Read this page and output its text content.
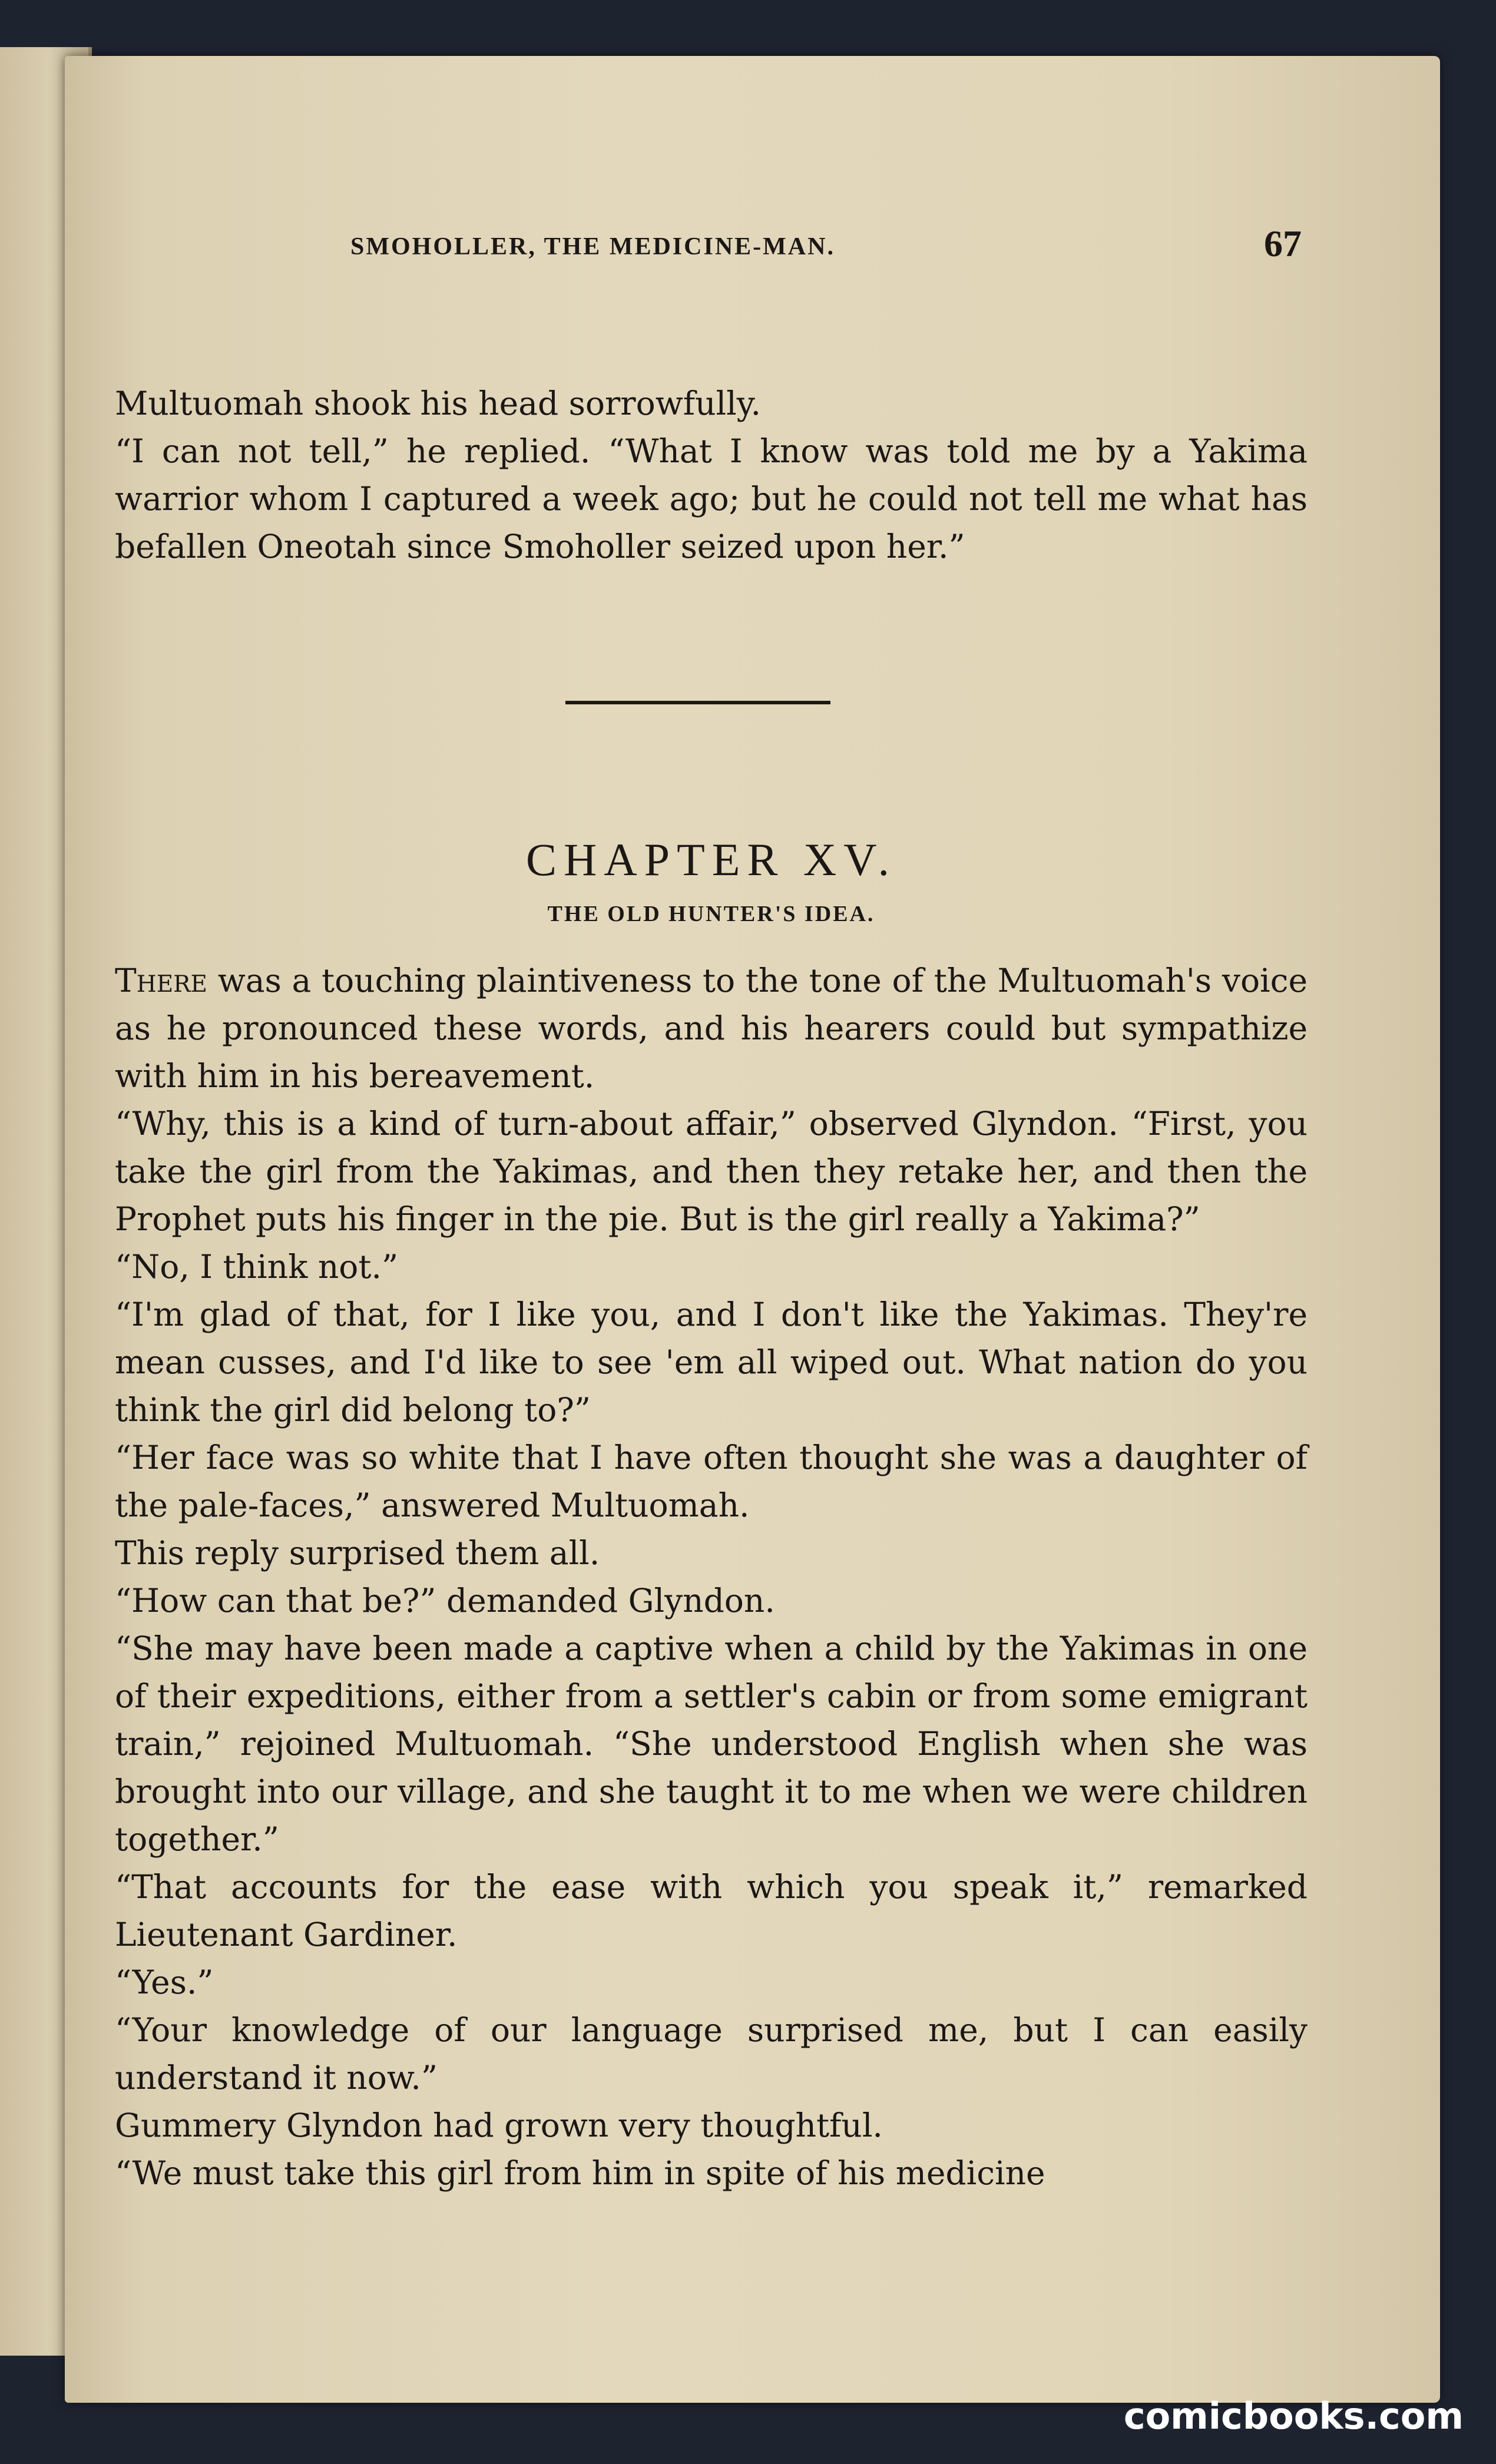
SMOHOLLER, THE MEDICINE-MAN.	67

Multuomah shook his head sorrowfully.

“I can not tell,” he replied. “What I know was told me by a Yakima warrior whom I captured a week ago; but he could not tell me what has befallen Oneotah since Smoholler seized upon her.”

CHAPTER XV.
THE OLD HUNTER'S IDEA.

There was a touching plaintiveness to the tone of the Multuomah's voice as he pronounced these words, and his hearers could but sympathize with him in his bereavement.

“Why, this is a kind of turn-about affair,” observed Glyndon. “First, you take the girl from the Yakimas, and then they retake her, and then the Prophet puts his finger in the pie. But is the girl really a Yakima?”

“No, I think not.”

“I'm glad of that, for I like you, and I don't like the Yakimas. They're mean cusses, and I'd like to see 'em all wiped out. What nation do you think the girl did belong to?”

“Her face was so white that I have often thought she was a daughter of the pale-faces,” answered Multuomah.

This reply surprised them all.

“How can that be?” demanded Glyndon.

“She may have been made a captive when a child by the Yakimas in one of their expeditions, either from a settler's cabin or from some emigrant train,” rejoined Multuomah. “She understood English when she was brought into our village, and she taught it to me when we were children together.”

“That accounts for the ease with which you speak it,” remarked Lieutenant Gardiner.

“Yes.”

“Your knowledge of our language surprised me, but I can easily understand it now.”

Gummery Glyndon had grown very thoughtful.

“We must take this girl from him in spite of his medicine

comicbooks.com
